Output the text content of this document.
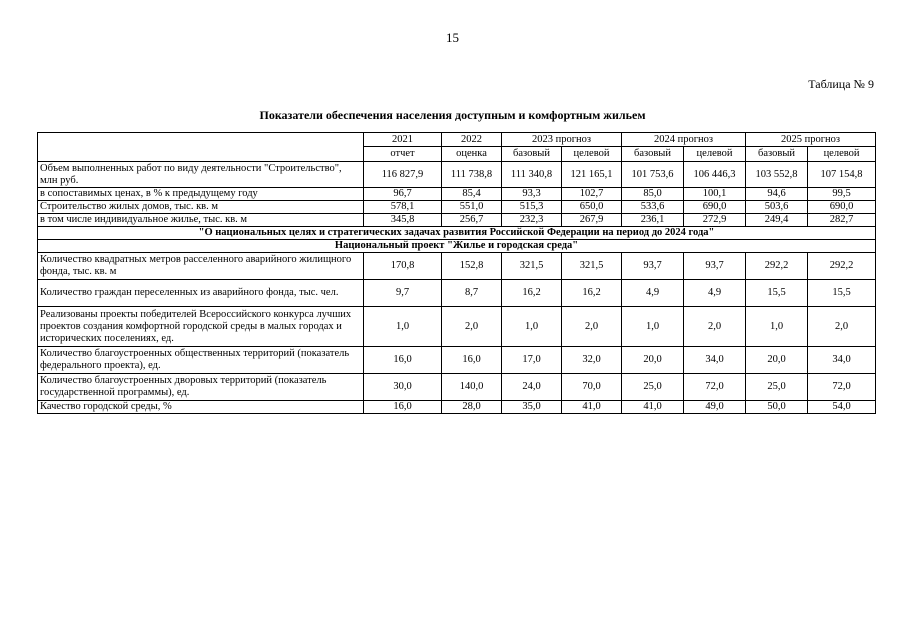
15
Таблица № 9
Показатели обеспечения населения доступным и комфортным жильем
	2021	2022	2023 прогноз		2024 прогноз		2025 прогноз	
	отчет	оценка	базовый	целевой	базовый	целевой	базовый	целевой
Объем выполненных работ по виду деятельности "Строительство", млн руб.	116 827,9	111 738,8	111 340,8	121 165,1	101 753,6	106 446,3	103 552,8	107 154,8
в сопоставимых ценах, в % к предыдущему году	96,7	85,4	93,3	102,7	85,0	100,1	94,6	99,5
Строительство жилых домов, тыс. кв. м	578,1	551,0	515,3	650,0	533,6	690,0	503,6	690,0
в том числе индивидуальное жилье, тыс. кв. м	345,8	256,7	232,3	267,9	236,1	272,9	249,4	282,7
"О национальных целях и стратегических задачах развития Российской Федерации на период до 2024 года"								
Национальный проект "Жилье и городская среда"								
Количество квадратных метров расселенного аварийного жилищного фонда, тыс. кв. м	170,8	152,8	321,5	321,5	93,7	93,7	292,2	292,2
Количество граждан переселенных из аварийного фонда, тыс. чел.	9,7	8,7	16,2	16,2	4,9	4,9	15,5	15,5
Реализованы проекты победителей Всероссийского конкурса лучших проектов создания комфортной городской среды в малых городах и исторических поселениях, ед.	1,0	2,0	1,0	2,0	1,0	2,0	1,0	2,0
Количество благоустроенных общественных территорий (показатель федерального проекта), ед.	16,0	16,0	17,0	32,0	20,0	34,0	20,0	34,0
Количество благоустроенных дворовых территорий (показатель государственной программы), ед.	30,0	140,0	24,0	70,0	25,0	72,0	25,0	72,0
Качество городской среды, %	16,0	28,0	35,0	41,0	41,0	49,0	50,0	54,0
